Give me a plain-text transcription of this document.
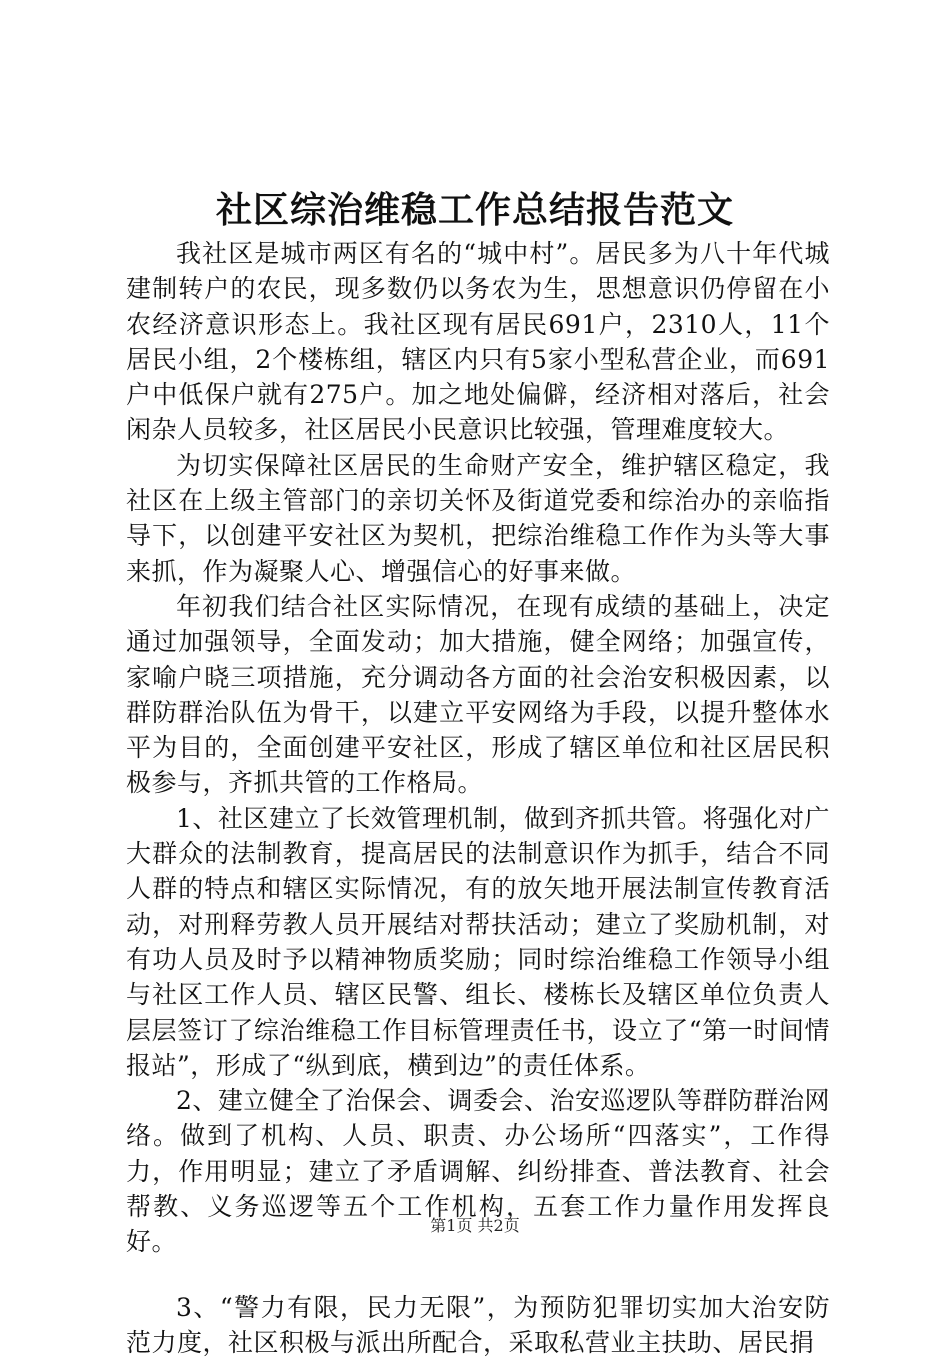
社区综治维稳工作总结报告范文

我社区是城市两区有名的“城中村”。居民多为八十年代城建制转户的农民，现多数仍以务农为生，思想意识仍停留在小农经济意识形态上。我社区现有居民691户，2310人，11个居民小组，2个楼栋组，辖区内只有5家小型私营企业，而691户中低保户就有275户。加之地处偏僻，经济相对落后，社会闲杂人员较多，社区居民小民意识比较强，管理难度较大。

为切实保障社区居民的生命财产安全，维护辖区稳定，我社区在上级主管部门的亲切关怀及街道党委和综治办的亲临指导下，以创建平安社区为契机，把综治维稳工作作为头等大事来抓，作为凝聚人心、增强信心的好事来做。

年初我们结合社区实际情况，在现有成绩的基础上，决定通过加强领导，全面发动；加大措施，健全网络；加强宣传，家喻户晓三项措施，充分调动各方面的社会治安积极因素，以群防群治队伍为骨干，以建立平安网络为手段，以提升整体水平为目的，全面创建平安社区，形成了辖区单位和社区居民积极参与，齐抓共管的工作格局。

1、社区建立了长效管理机制，做到齐抓共管。将强化对广大群众的法制教育，提高居民的法制意识作为抓手，结合不同人群的特点和辖区实际情况，有的放矢地开展法制宣传教育活动，对刑释劳教人员开展结对帮扶活动；建立了奖励机制，对有功人员及时予以精神物质奖励；同时综治维稳工作领导小组与社区工作人员、辖区民警、组长、楼栋长及辖区单位负责人层层签订了综治维稳工作目标管理责任书，设立了“第一时间情报站”，形成了“纵到底，横到边”的责任体系。

2、建立健全了治保会、调委会、治安巡逻队等群防群治网络。做到了机构、人员、职责、办公场所“四落实”，工作得力，作用明显；建立了矛盾调解、纠纷排查、普法教育、社会帮教、义务巡逻等五个工作机构，五套工作力量作用发挥良好。

3、“警力有限，民力无限”，为预防犯罪切实加大治安防范力度，社区积极与派出所配合，采取私营业主扶助、居民捐

第1页 共2页
